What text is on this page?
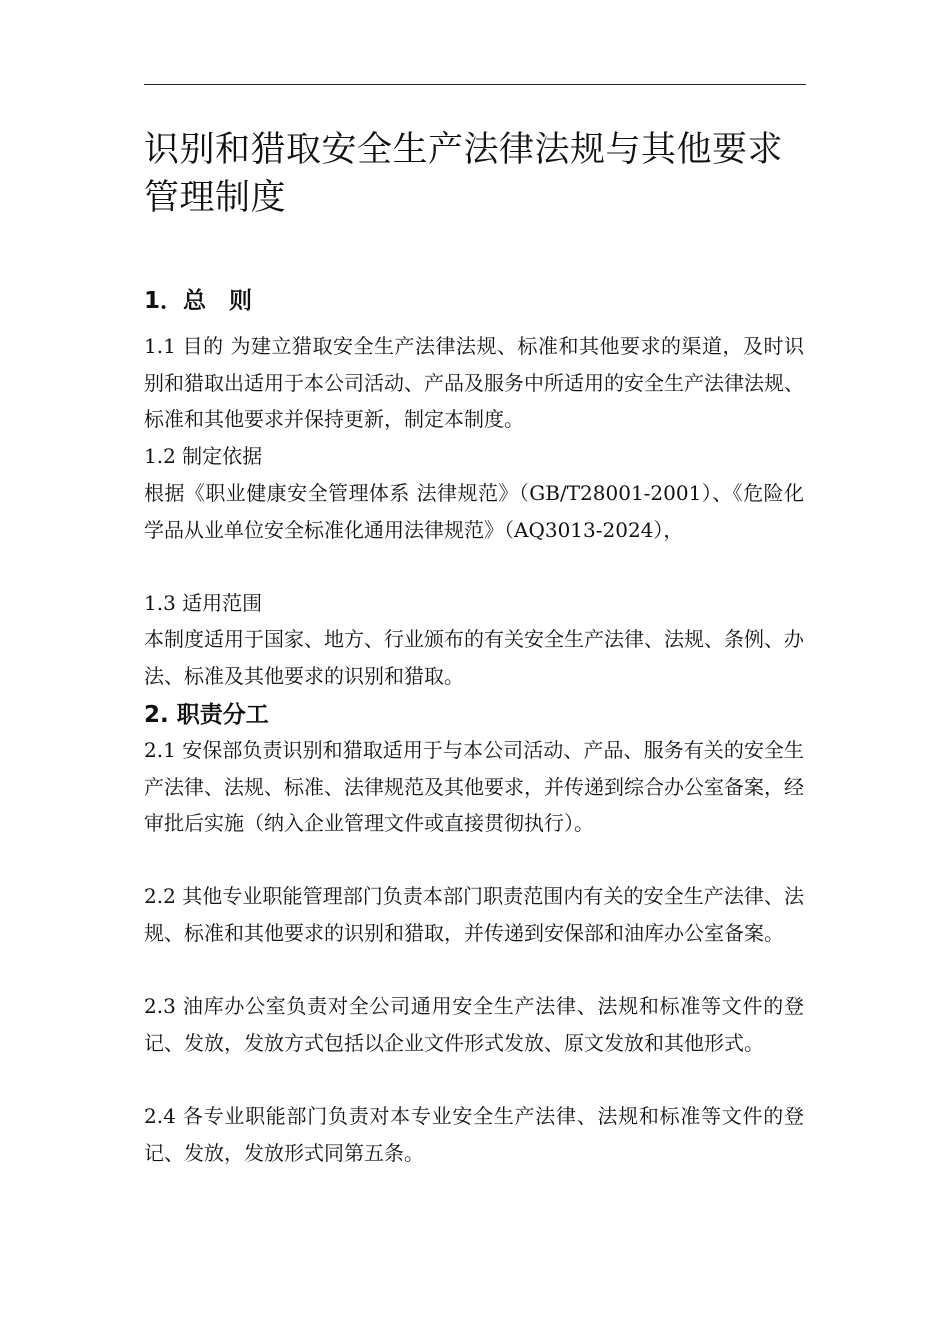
识别和猎取安全生产法律法规与其他要求管理制度
1．总　则

1.1 目的 为建立猎取安全生产法律法规、标准和其他要求的渠道，及时识别和猎取出适用于本公司活动、产品及服务中所适用的安全生产法律法规、标准和其他要求并保持更新，制定本制度。

1.2 制定依据

根据《职业健康安全管理体系 法律规范》（GB/T28001-2001）、《危险化学品从业单位安全标准化通用法律规范》（AQ3013-2024），

1.3 适用范围

本制度适用于国家、地方、行业颁布的有关安全生产法律、法规、条例、办法、标准及其他要求的识别和猎取。

2. 职责分工

2.1 安保部负责识别和猎取适用于与本公司活动、产品、服务有关的安全生产法律、法规、标准、法律规范及其他要求，并传递到综合办公室备案，经审批后实施（纳入企业管理文件或直接贯彻执行）。

2.2 其他专业职能管理部门负责本部门职责范围内有关的安全生产法律、法规、标准和其他要求的识别和猎取，并传递到安保部和油库办公室备案。

2.3 油库办公室负责对全公司通用安全生产法律、法规和标准等文件的登记、发放，发放方式包括以企业文件形式发放、原文发放和其他形式。

2.4 各专业职能部门负责对本专业安全生产法律、法规和标准等文件的登记、发放，发放形式同第五条。
